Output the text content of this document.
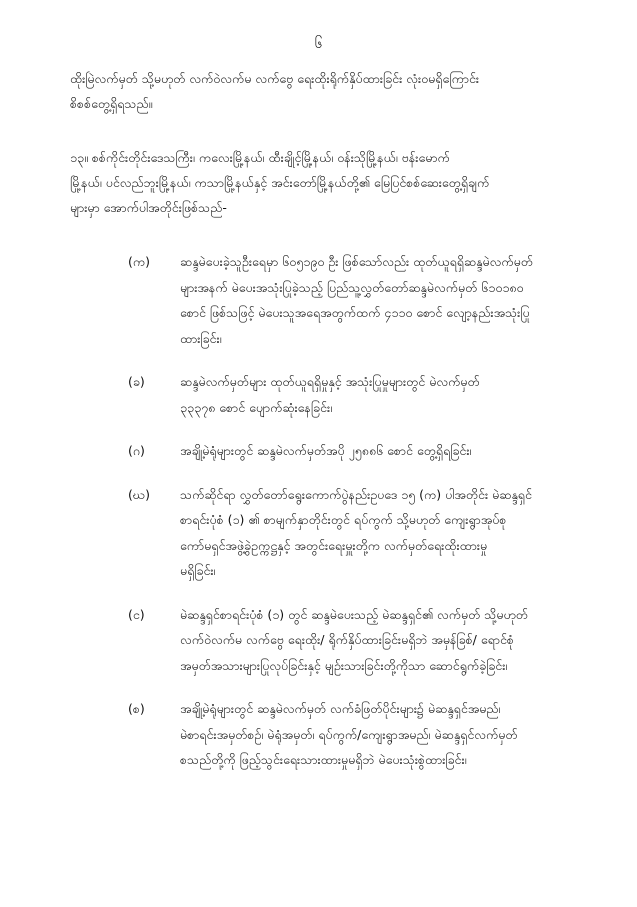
၆
ထိုးမြဲလက်မှတ် သို့မဟုတ် လက်ဝဲလက်မ လက်ဗွေ ရေးထိုးရိုက်နှိပ်ထားခြင်း လုံးဝမရှိကြောင်း
စိစစ်တွေ့ရှိရသည်။
၁၃။ စစ်ကိုင်းတိုင်းဒေသကြီး၊ ကလေးမြို့နယ်၊ ထီးချိုင့်မြို့နယ်၊ ဝန်းသိုမြို့နယ်၊ ဗန်းမောက်
မြို့နယ်၊ ပင်လည်ဘူးမြို့နယ်၊ ကသာမြို့နယ်နှင့် အင်းတော်မြို့နယ်တို့၏ မြေပြင်စစ်ဆေးတွေ့ရှိချက်
များမှာ အောက်ပါအတိုင်းဖြစ်သည်-
(က)	ဆန္ဒမဲပေးခဲ့သူဦးရေမှာ ၆၀၅၁၉၀ ဦး ဖြစ်သော်လည်း ထုတ်ယူရရှိဆန္ဒမဲလက်မှတ်
များအနက် မဲပေးအသုံးပြုခဲ့သည့် ပြည်သူ့လွှတ်တော်ဆန္ဒမဲလက်မှတ် ၆၁၀၁၈၀
စောင် ဖြစ်သဖြင့် မဲပေးသူအရေအတွက်ထက် ၄၁၁၀ စောင် လျော့နည်းအသုံးပြု
ထားခြင်း၊
(ခ)	ဆန္ဒမဲလက်မှတ်များ ထုတ်ယူရရှိမှုနှင့် အသုံးပြုမှုများတွင် မဲလက်မှတ်
၃၃၃၇၈ စောင် ပျောက်ဆုံးနေခြင်း၊
(ဂ)	အချို့မဲရုံများတွင် ဆန္ဒမဲလက်မှတ်အပို ၂၅၈၈၆ စောင် တွေ့ရှိရခြင်း၊
(ဃ)	သက်ဆိုင်ရာ လွှတ်တော်ရွေးကောက်ပွဲနည်းဥပဒေ ၁၅ (က) ပါအတိုင်း မဲဆန္ဒရှင်
စာရင်းပုံစံ (၁) ၏ စာမျက်နှာတိုင်းတွင် ရပ်ကွက် သို့မဟုတ် ကျေးရွာအုပ်စု
ကော်မရှင်အဖွဲ့ခွဲဥက္ကဋ္ဌနှင့် အတွင်းရေးမှူးတို့က လက်မှတ်ရေးထိုးထားမှု
မရှိခြင်း၊
(င)	မဲဆန္ဒရှင်စာရင်းပုံစံ (၁) တွင် ဆန္ဒမဲပေးသည့် မဲဆန္ဒရှင်၏ လက်မှတ် သို့မဟုတ်
လက်ဝဲလက်မ လက်ဗွေ ရေးထိုး/ ရိုက်နှိပ်ထားခြင်းမရှိဘဲ အမှန်ခြစ်/ ရောင်စုံ
အမှတ်အသားများပြုလုပ်ခြင်းနှင့် မျဉ်းသားခြင်းတို့ကိုသာ ဆောင်ရွက်ခဲ့ခြင်း၊
(စ)	အချို့မဲရုံများတွင် ဆန္ဒမဲလက်မှတ် လက်ခံဖြတ်ပိုင်းများ၌ မဲဆန္ဒရှင်အမည်၊
မဲစာရင်းအမှတ်စဉ်၊ မဲရုံအမှတ်၊ ရပ်ကွက်/ကျေးရွာအမည်၊ မဲဆန္ဒရှင်လက်မှတ်
စသည်တို့ကို ဖြည့်သွင်းရေးသားထားမှုမရှိဘဲ မဲပေးသုံးစွဲထားခြင်း၊
